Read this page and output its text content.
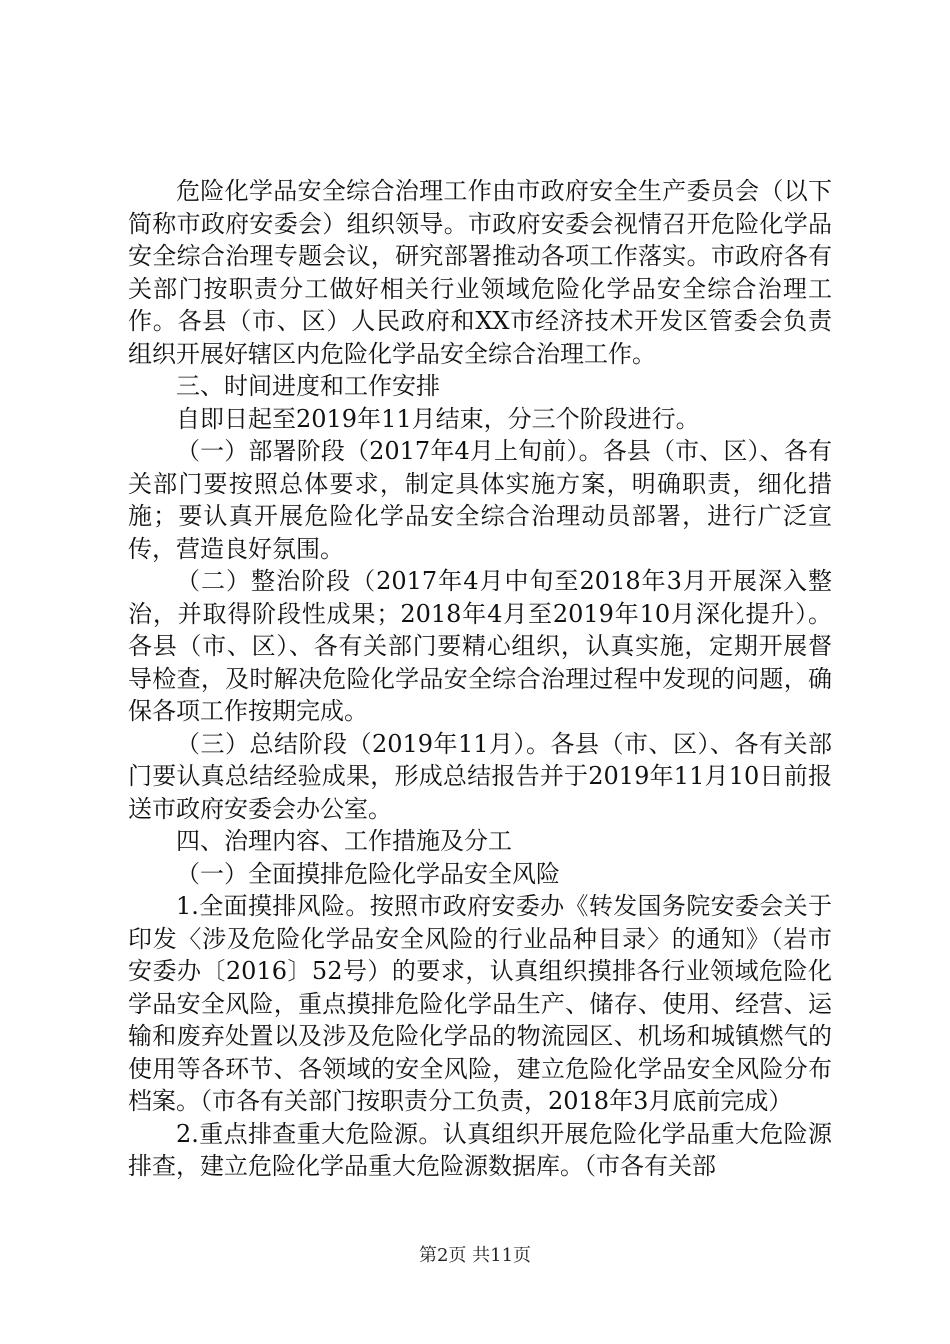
危险化学品安全综合治理工作由市政府安全生产委员会（以下简称市政府安委会）组织领导。市政府安委会视情召开危险化学品安全综合治理专题会议，研究部署推动各项工作落实。市政府各有关部门按职责分工做好相关行业领域危险化学品安全综合治理工作。各县（市、区）人民政府和XX市经济技术开发区管委会负责组织开展好辖区内危险化学品安全综合治理工作。

三、时间进度和工作安排

自即日起至2019年11月结束，分三个阶段进行。

（一）部署阶段（2017年4月上旬前）。各县（市、区）、各有关部门要按照总体要求，制定具体实施方案，明确职责，细化措施；要认真开展危险化学品安全综合治理动员部署，进行广泛宣传，营造良好氛围。

（二）整治阶段（2017年4月中旬至2018年3月开展深入整治，并取得阶段性成果；2018年4月至2019年10月深化提升）。各县（市、区）、各有关部门要精心组织，认真实施，定期开展督导检查，及时解决危险化学品安全综合治理过程中发现的问题，确保各项工作按期完成。

（三）总结阶段（2019年11月）。各县（市、区）、各有关部门要认真总结经验成果，形成总结报告并于2019年11月10日前报送市政府安委会办公室。

四、治理内容、工作措施及分工

（一）全面摸排危险化学品安全风险

1.全面摸排风险。按照市政府安委办《转发国务院安委会关于印发〈涉及危险化学品安全风险的行业品种目录〉的通知》（岩市安委办〔2016〕52号）的要求，认真组织摸排各行业领域危险化学品安全风险，重点摸排危险化学品生产、储存、使用、经营、运输和废弃处置以及涉及危险化学品的物流园区、机场和城镇燃气的使用等各环节、各领域的安全风险，建立危险化学品安全风险分布档案。（市各有关部门按职责分工负责，2018年3月底前完成）

2.重点排查重大危险源。认真组织开展危险化学品重大危险源排查，建立危险化学品重大危险源数据库。（市各有关部

第2页 共11页
